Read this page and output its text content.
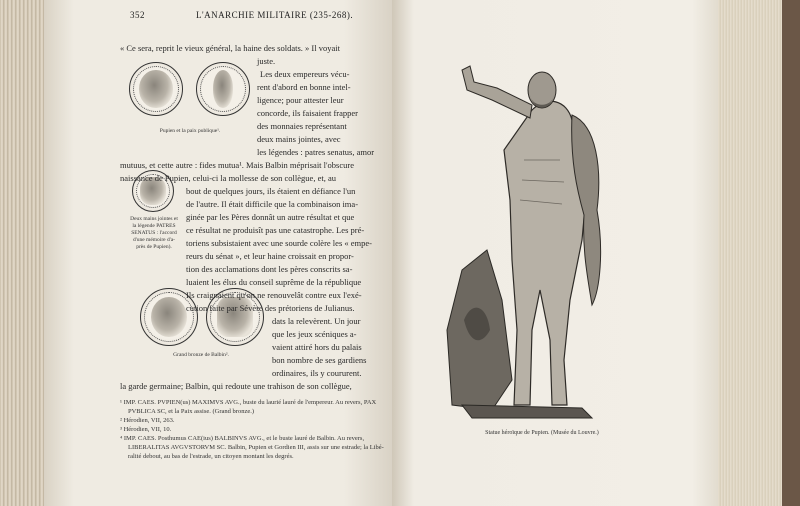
352	L'ANARCHIE MILITAIRE (235-268).
Pupien et la paix publique¹.
Deux mains jointes et
la légende PATRES
SENATUS : l'accord
d'une mémoire d'a-
près de Pupien).
Grand bronze de Balbin².
« Ce sera, reprit le vieux général, la haine des soldats. » Il voyait
juste.
Les deux empereurs vécu-
rent d'abord en bonne intel-
ligence; pour attester leur
concorde, ils faisaient frapper
des monnaies représentant
deux mains jointes, avec
les légendes : patres senatus, amor
mutuus, et cette autre : fides mutua¹. Mais Balbin méprisait l'obscure
naissance de Pupien, celui-ci la mollesse de son collègue, et, au
bout de quelques jours, ils étaient en défiance l'un
de l'autre. Il était difficile que la combinaison ima-
ginée par les Pères donnât un autre résultat et que
ce résultat ne produisît pas une catastrophe. Les pré-
toriens subsistaient avec une sourde colère les « empe-
reurs du sénat », et leur haine croissait en propor-
tion des acclamations dont les pères conscrits sa-
luaient les élus du conseil suprême de la république
Ils craignaient qu'on ne renouvelât contre eux l'exé-
cution faite par Sévère des prétoriens de Julianus.
dats la relevèrent. Un jour
que les jeux scéniques a-
vaient attiré hors du palais
bon nombre de ses gardiens
ordinaires, ils y coururent.
la garde germaine; Balbin, qui redoute une trahison de son collègue,
¹ IMP. CAES. PVPIEN(us) MAXIMVS AVG., buste du laurié lauré de l'empereur. Au revers, PAX
PVBLICA SC, et la Paix assise. (Grand bronze.)
² Hérodien, VII, 263.
³ Hérodien, VII, 10.
⁴ IMP. CAES. Posthumus CAE(ius) BALBINVS AVG., et le buste lauré de Balbin. Au revers,
LIBERALITAS AVGVSTORVM SC. Balbin, Pupien et Gordien III, assis sur une estrade; la Libé-
ralité debout, au bas de l'estrade, un citoyen montant les degrés.
Statue héroïque de Pupien. (Musée du Louvre.)
